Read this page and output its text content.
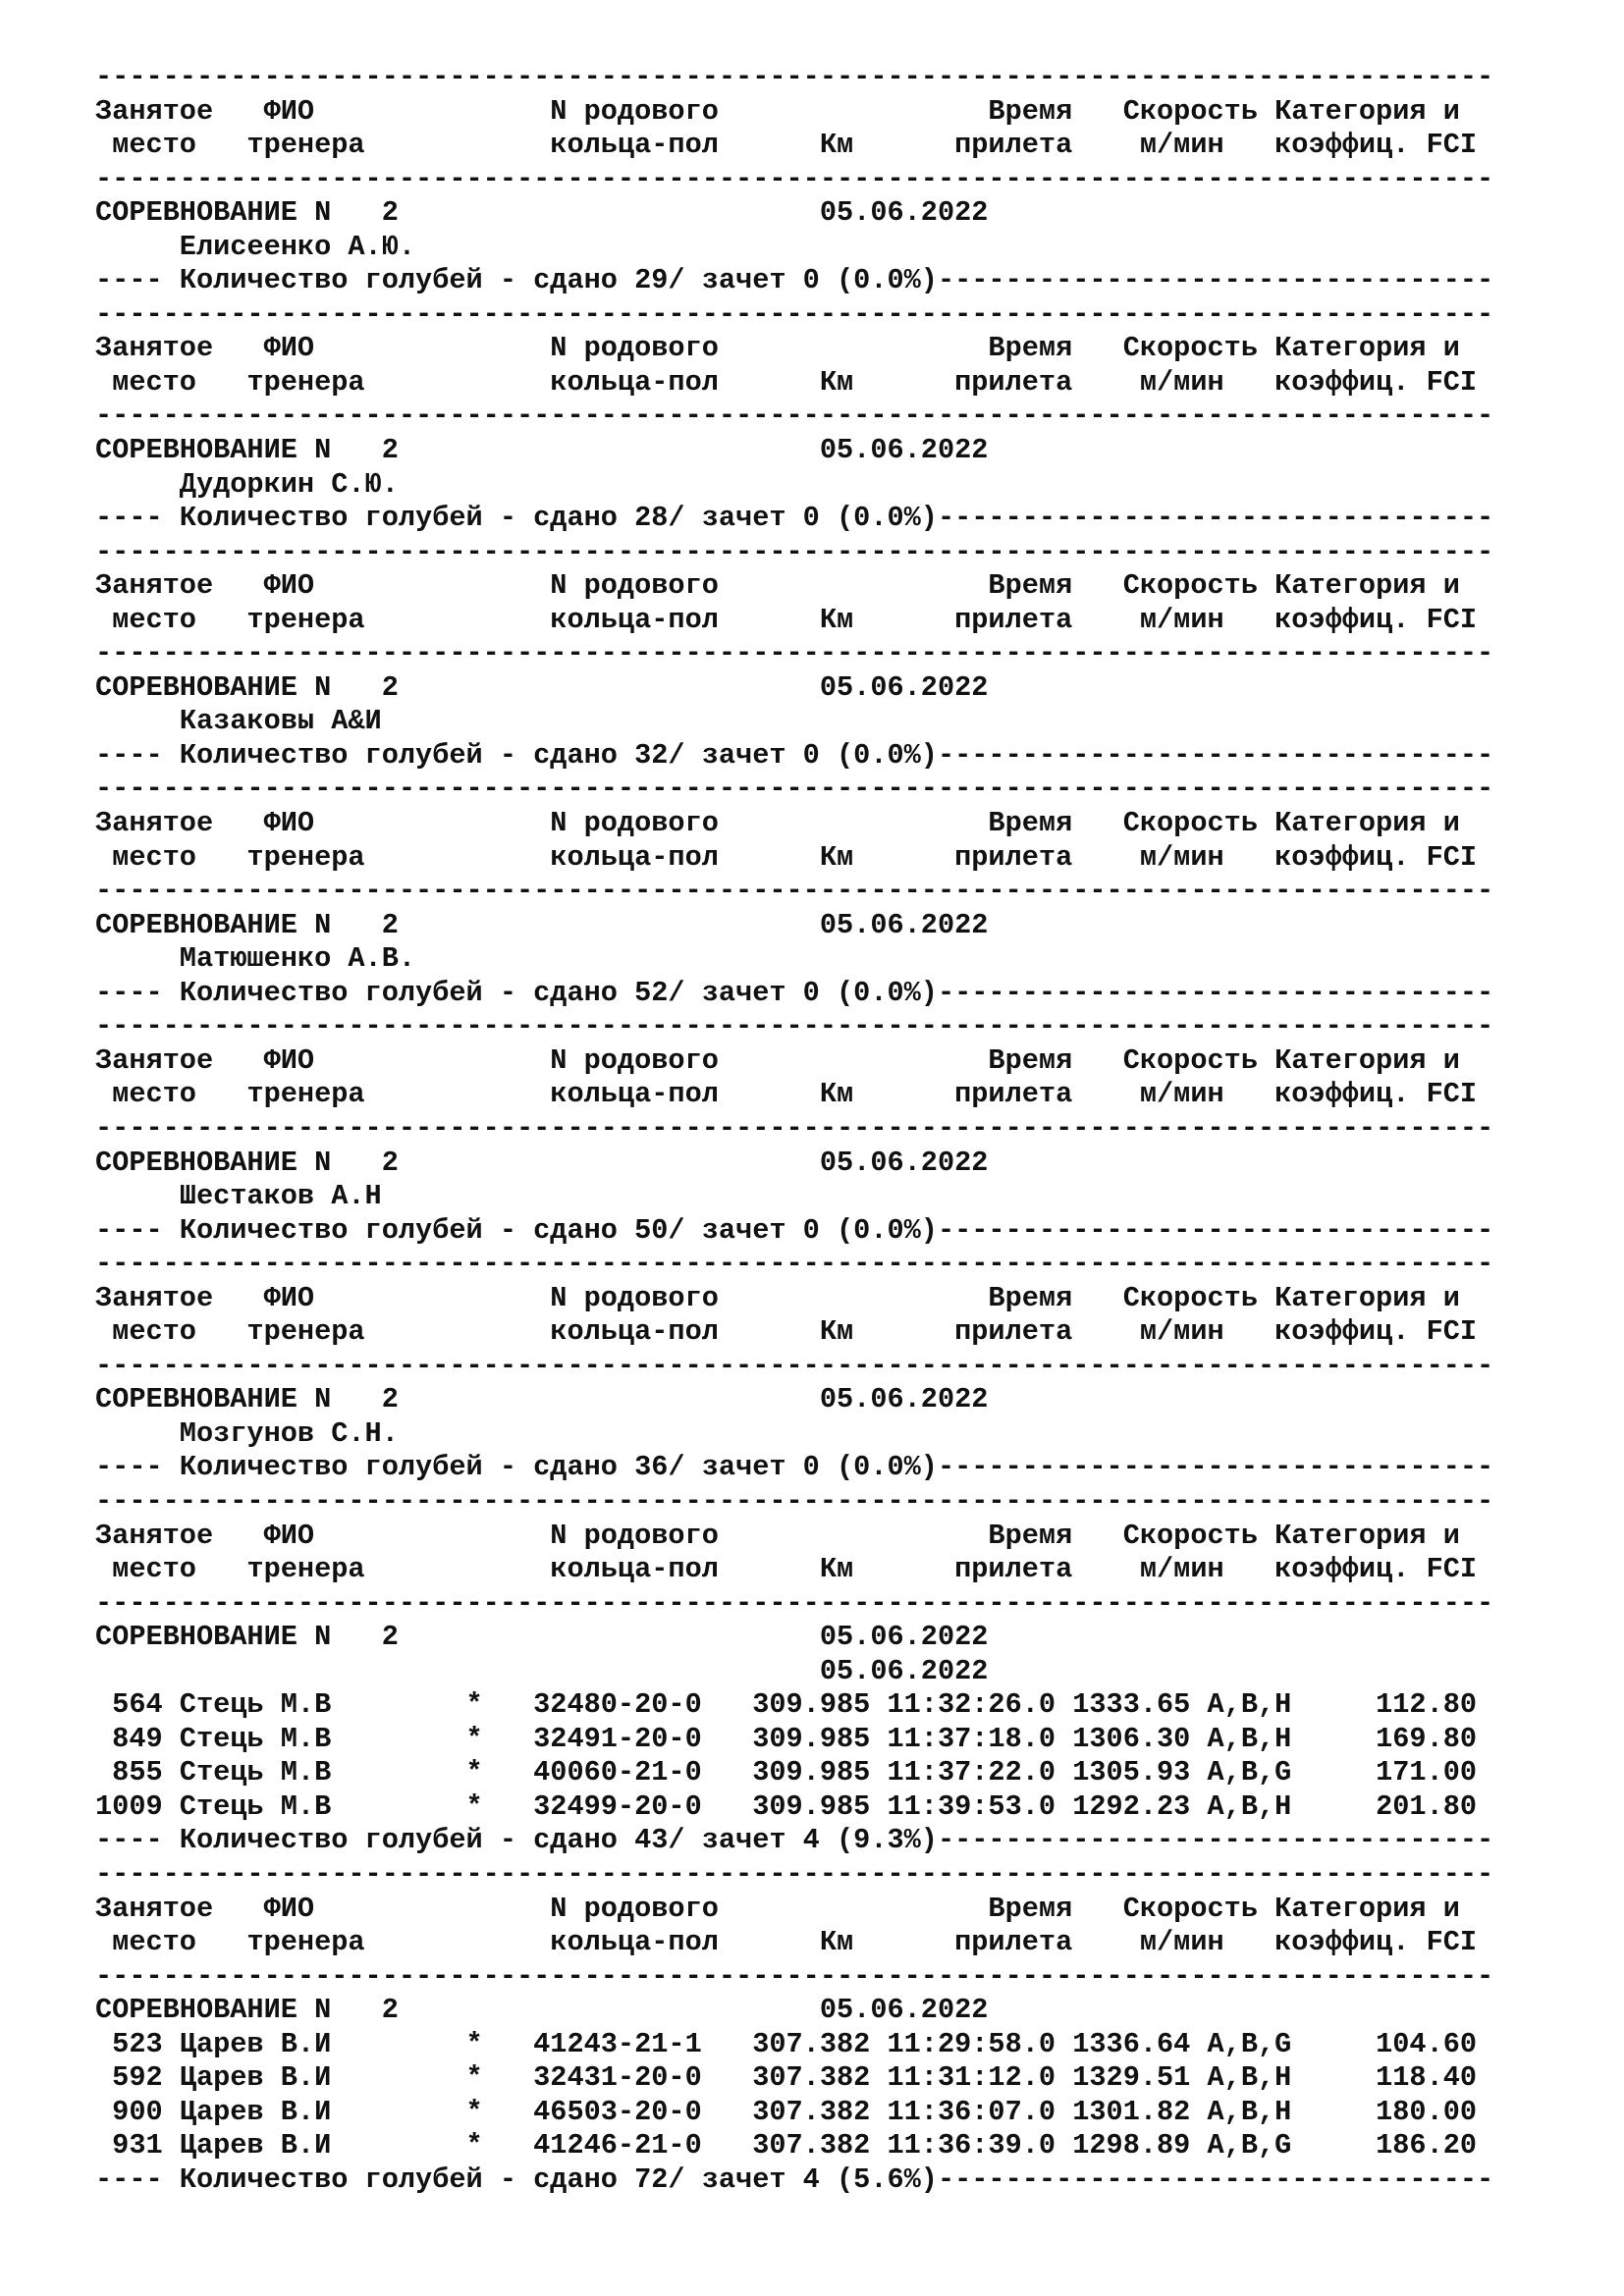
-----------------------------------------------------------------------------------
Занятое   ФИО              N родового                Время   Скорость Категория и
место   тренера           кольца-пол      Км      прилета    м/мин   коэффиц. FCI
-----------------------------------------------------------------------------------
СОРЕВНОВАНИЕ N   2                         05.06.2022
Елисеенко А.Ю.
---- Количество голубей - сдано 29/ зачет 0 (0.0%)---------------------------------
-----------------------------------------------------------------------------------
Занятое   ФИО              N родового                Время   Скорость Категория и
место   тренера           кольца-пол      Км      прилета    м/мин   коэффиц. FCI
-----------------------------------------------------------------------------------
СОРЕВНОВАНИЕ N   2                         05.06.2022
Дудоркин С.Ю.
---- Количество голубей - сдано 28/ зачет 0 (0.0%)---------------------------------
-----------------------------------------------------------------------------------
Занятое   ФИО              N родового                Время   Скорость Категория и
место   тренера           кольца-пол      Км      прилета    м/мин   коэффиц. FCI
-----------------------------------------------------------------------------------
СОРЕВНОВАНИЕ N   2                         05.06.2022
Казаковы А&И
---- Количество голубей - сдано 32/ зачет 0 (0.0%)---------------------------------
-----------------------------------------------------------------------------------
Занятое   ФИО              N родового                Время   Скорость Категория и
место   тренера           кольца-пол      Км      прилета    м/мин   коэффиц. FCI
-----------------------------------------------------------------------------------
СОРЕВНОВАНИЕ N   2                         05.06.2022
Матюшенко А.В.
---- Количество голубей - сдано 52/ зачет 0 (0.0%)---------------------------------
-----------------------------------------------------------------------------------
Занятое   ФИО              N родового                Время   Скорость Категория и
место   тренера           кольца-пол      Км      прилета    м/мин   коэффиц. FCI
-----------------------------------------------------------------------------------
СОРЕВНОВАНИЕ N   2                         05.06.2022
Шестаков А.Н
---- Количество голубей - сдано 50/ зачет 0 (0.0%)---------------------------------
-----------------------------------------------------------------------------------
Занятое   ФИО              N родового                Время   Скорость Категория и
место   тренера           кольца-пол      Км      прилета    м/мин   коэффиц. FCI
-----------------------------------------------------------------------------------
СОРЕВНОВАНИЕ N   2                         05.06.2022
Мозгунов С.Н.
---- Количество голубей - сдано 36/ зачет 0 (0.0%)---------------------------------
-----------------------------------------------------------------------------------
Занятое   ФИО              N родового                Время   Скорость Категория и
место   тренера           кольца-пол      Км      прилета    м/мин   коэффиц. FCI
-----------------------------------------------------------------------------------
СОРЕВНОВАНИЕ N   2                         05.06.2022
05.06.2022
564 Стець М.В        *   32480-20-0   309.985 11:32:26.0 1333.65 A,B,H     112.80
849 Стець М.В        *   32491-20-0   309.985 11:37:18.0 1306.30 A,B,H     169.80
855 Стець М.В        *   40060-21-0   309.985 11:37:22.0 1305.93 A,B,G     171.00
1009 Стець М.В        *   32499-20-0   309.985 11:39:53.0 1292.23 A,B,H     201.80
---- Количество голубей - сдано 43/ зачет 4 (9.3%)---------------------------------
-----------------------------------------------------------------------------------
Занятое   ФИО              N родового                Время   Скорость Категория и
место   тренера           кольца-пол      Км      прилета    м/мин   коэффиц. FCI
-----------------------------------------------------------------------------------
СОРЕВНОВАНИЕ N   2                         05.06.2022
523 Царев В.И        *   41243-21-1   307.382 11:29:58.0 1336.64 A,B,G     104.60
592 Царев В.И        *   32431-20-0   307.382 11:31:12.0 1329.51 A,B,H     118.40
900 Царев В.И        *   46503-20-0   307.382 11:36:07.0 1301.82 A,B,H     180.00
931 Царев В.И        *   41246-21-0   307.382 11:36:39.0 1298.89 A,B,G     186.20
---- Количество голубей - сдано 72/ зачет 4 (5.6%)---------------------------------
